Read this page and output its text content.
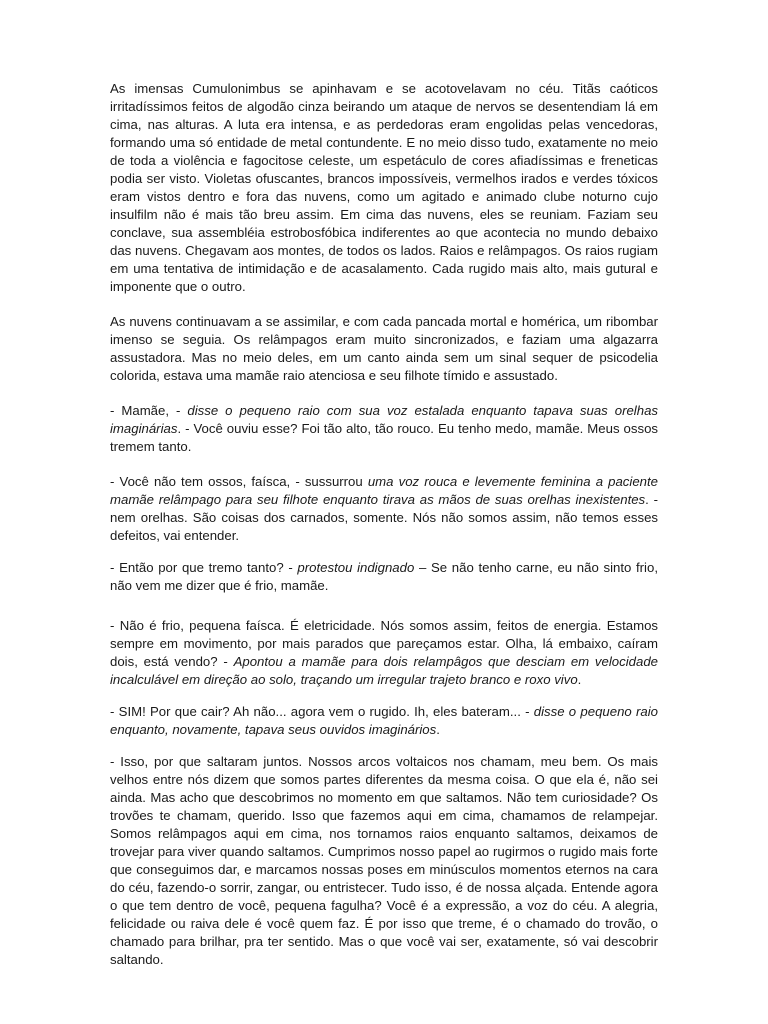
As imensas Cumulonimbus se apinhavam e se acotovelavam no céu. Titãs caóticos irritadíssimos feitos de algodão cinza beirando um ataque de nervos se desentendiam lá em cima, nas alturas. A luta era intensa, e as perdedoras eram engolidas pelas vencedoras, formando uma só entidade de metal contundente. E no meio disso tudo, exatamente no meio de toda a violência e fagocitose celeste, um espetáculo de cores afiadíssimas e freneticas podia ser visto. Violetas ofuscantes, brancos impossíveis, vermelhos irados e verdes tóxicos eram vistos dentro e fora das nuvens, como um agitado e animado clube noturno cujo insulfilm não é mais tão breu assim. Em cima das nuvens, eles se reuniam. Faziam seu conclave, sua assembléia estrobosfóbica indiferentes ao que acontecia no mundo debaixo das nuvens. Chegavam aos montes, de todos os lados. Raios e relâmpagos. Os raios rugiam em uma tentativa de intimidação e de acasalamento. Cada rugido mais alto, mais gutural e imponente que o outro.

As nuvens continuavam a se assimilar, e com cada pancada mortal e homérica, um ribombar imenso se seguia. Os relâmpagos eram muito sincronizados, e faziam uma algazarra assustadora. Mas no meio deles, em um canto ainda sem um sinal sequer de psicodelia colorida, estava uma mamãe raio atenciosa e seu filhote tímido e assustado.

- Mamãe, - disse o pequeno raio com sua voz estalada enquanto tapava suas orelhas imaginárias. - Você ouviu esse? Foi tão alto, tão rouco. Eu tenho medo, mamãe. Meus ossos tremem tanto.

- Você não tem ossos, faísca, - sussurrou uma voz rouca e levemente feminina a paciente mamãe relâmpago para seu filhote enquanto tirava as mãos de suas orelhas inexistentes. - nem orelhas. São coisas dos carnados, somente. Nós não somos assim, não temos esses defeitos, vai entender.

- Então por que tremo tanto? - protestou indignado – Se não tenho carne, eu não sinto frio, não vem me dizer que é frio, mamãe.

- Não é frio, pequena faísca. É eletricidade. Nós somos assim, feitos de energia. Estamos sempre em movimento, por mais parados que pareçamos estar. Olha, lá embaixo, caíram dois, está vendo? - Apontou a mamãe para dois relampâgos que desciam em velocidade incalculável em direção ao solo, traçando um irregular trajeto branco e roxo vivo.

- SIM! Por que cair? Ah não... agora vem o rugido. Ih, eles bateram... - disse o pequeno raio enquanto, novamente, tapava seus ouvidos imaginários.

- Isso, por que saltaram juntos. Nossos arcos voltaicos nos chamam, meu bem. Os mais velhos entre nós dizem que somos partes diferentes da mesma coisa. O que ela é, não sei ainda. Mas acho que descobrimos no momento em que saltamos. Não tem curiosidade? Os trovões te chamam, querido. Isso que fazemos aqui em cima, chamamos de relampejar. Somos relâmpagos aqui em cima, nos tornamos raios enquanto saltamos, deixamos de trovejar para viver quando saltamos. Cumprimos nosso papel ao rugirmos o rugido mais forte que conseguimos dar, e marcamos nossas poses em minúsculos momentos eternos na cara do céu, fazendo-o sorrir, zangar, ou entristecer. Tudo isso, é de nossa alçada. Entende agora o que tem dentro de você, pequena fagulha? Você é a expressão, a voz do céu. A alegria, felicidade ou raiva dele é você quem faz. É por isso que treme, é o chamado do trovão, o chamado para brilhar, pra ter sentido. Mas o que você vai ser, exatamente, só vai descobrir saltando.
